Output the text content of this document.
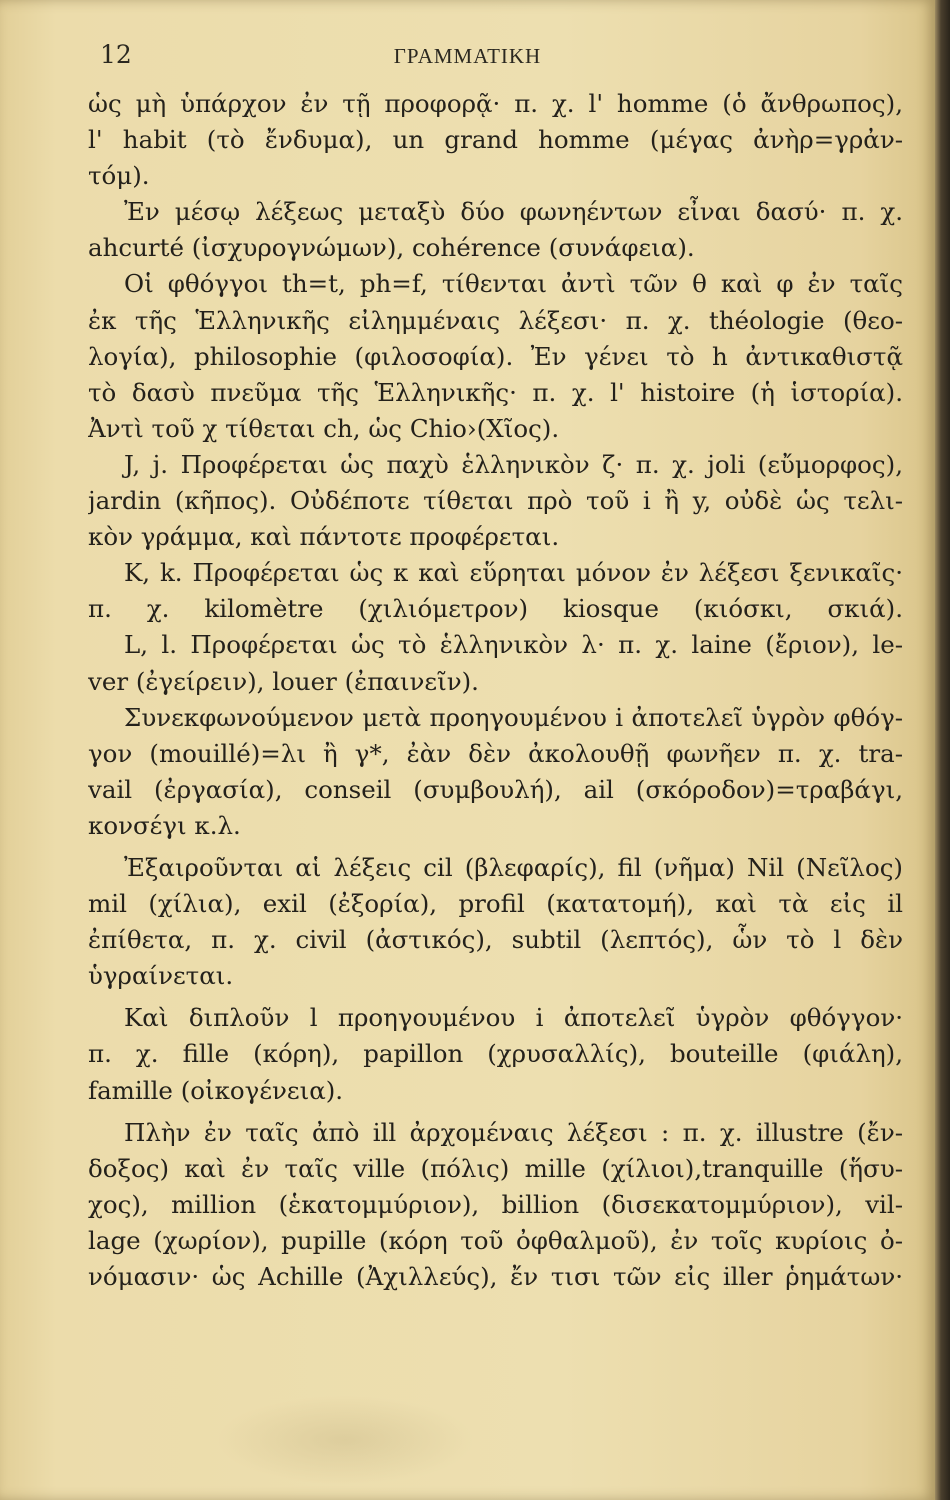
12	ΓΡΑΜΜΑΤΙΚΗ
ὡς μὴ ὑπάρχον ἐν τῇ προφορᾷ· π. χ. l' homme (ὁ ἄνθρωπος),
l' habit (τὸ ἔνδυμα), un grand homme (μέγας ἀνὴρ=γρἀν-
τόμ).
Ἐν μέσῳ λέξεως μεταξὺ δύο φωνηέντων εἶναι δασύ· π. χ.
ahcurté (ἰσχυρογνώμων), cohérence (συνάφεια).
Οἱ φθόγγοι th=t, ph=f, τίθενται ἀντὶ τῶν θ καὶ φ ἐν ταῖς
ἐκ τῆς Ἑλληνικῆς εἰλημμέναις λέξεσι· π. χ. théologie (θεο-
λογία), philosophie (φιλοσοφία). Ἐν γένει τὸ h ἀντικαθιστᾷ
τὸ δασὺ πνεῦμα τῆς Ἑλληνικῆς· π. χ. l' histoire (ἡ ἱστορία).
Ἀντὶ τοῦ χ τίθεται ch, ὡς Chio›(Χῖος).
J, j. Προφέρεται ὡς παχὺ ἑλληνικὸν ζ· π. χ. joli (εὔμορφος),
jardin (κῆπος). Οὐδέποτε τίθεται πρὸ τοῦ i ἢ y, οὐδὲ ὡς τελι-
κὸν γράμμα, καὶ πάντοτε προφέρεται.
K, k. Προφέρεται ὡς κ καὶ εὕρηται μόνον ἐν λέξεσι ξενικαῖς·
π. χ. kilomètre (χιλιόμετρον) kiosque (κιόσκι, σκιά).
L, l. Προφέρεται ὡς τὸ ἑλληνικὸν λ· π. χ. laine (ἔριον), le-
ver (ἐγείρειν), louer (ἐπαινεῖν).
Συνεκφωνούμενον μετὰ προηγουμένου i ἀποτελεῖ ὑγρὸν φθόγ-
γον (mouillé)=λι ἢ γ*, ἐὰν δὲν ἀκολουθῇ φωνῆεν π. χ. tra-
vail (ἐργασία), conseil (συμβουλή), ail (σκόροδον)=τραβάγι,
κονσέγι κ.λ.
Ἐξαιροῦνται αἱ λέξεις cil (βλεφαρίς), fil (νῆμα) Nil (Νεῖλος)
mil (χίλια), exil (ἐξορία), profil (κατατομή), καὶ τὰ εἰς il
ἐπίθετα, π. χ. civil (ἀστικός), subtil (λεπτός), ὧν τὸ l δὲν
ὑγραίνεται.
Καὶ διπλοῦν l προηγουμένου i ἀποτελεῖ ὑγρὸν φθόγγον·
π. χ. fille (κόρη), papillon (χρυσαλλίς), bouteille (φιάλη),
famille (οἰκογένεια).
Πλὴν ἐν ταῖς ἀπὸ ill ἀρχομέναις λέξεσι : π. χ. illustre (ἔν-
δοξος) καὶ ἐν ταῖς ville (πόλις) mille (χίλιοι),tranquille (ἥσυ-
χος), million (ἑκατομμύριον), billion (δισεκατομμύριον), vil-
lage (χωρίον), pupille (κόρη τοῦ ὀφθαλμοῦ), ἐν τοῖς κυρίοις ὀ-
νόμασιν· ὡς Achille (Ἀχιλλεύς), ἔν τισι τῶν εἰς iller ῥημάτων·
